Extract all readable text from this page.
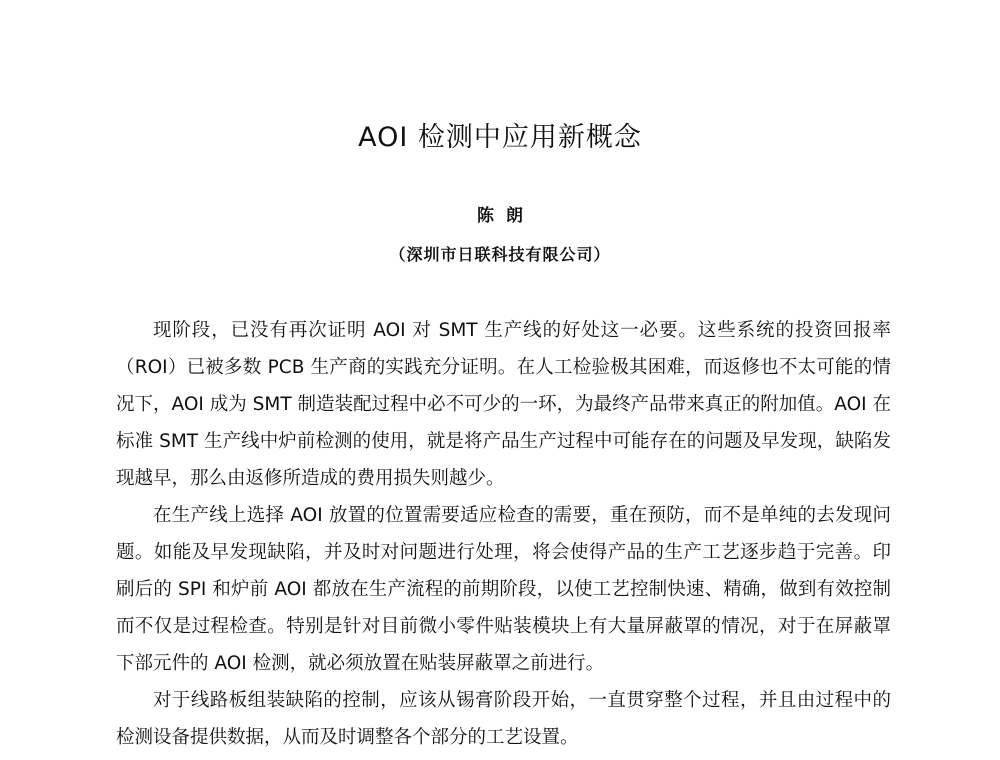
AOI 检测中应用新概念
陈朗
（深圳市日联科技有限公司）

现阶段，已没有再次证明 AOI 对 SMT 生产线的好处这一必要。这些系统的投资回报率（ROI）已被多数 PCB 生产商的实践充分证明。在人工检验极其困难，而返修也不太可能的情况下，AOI 成为 SMT 制造装配过程中必不可少的一环，为最终产品带来真正的附加值。AOI 在标准 SMT 生产线中炉前检测的使用，就是将产品生产过程中可能存在的问题及早发现，缺陷发现越早，那么由返修所造成的费用损失则越少。

在生产线上选择 AOI 放置的位置需要适应检查的需要，重在预防，而不是单纯的去发现问题。如能及早发现缺陷，并及时对问题进行处理，将会使得产品的生产工艺逐步趋于完善。印刷后的 SPI 和炉前 AOI 都放在生产流程的前期阶段，以使工艺控制快速、精确，做到有效控制而不仅是过程检查。特别是针对目前微小零件贴装模块上有大量屏蔽罩的情况，对于在屏蔽罩下部元件的 AOI 检测，就必须放置在贴装屏蔽罩之前进行。

对于线路板组装缺陷的控制，应该从锡膏阶段开始，一直贯穿整个过程，并且由过程中的检测设备提供数据，从而及时调整各个部分的工艺设置。
